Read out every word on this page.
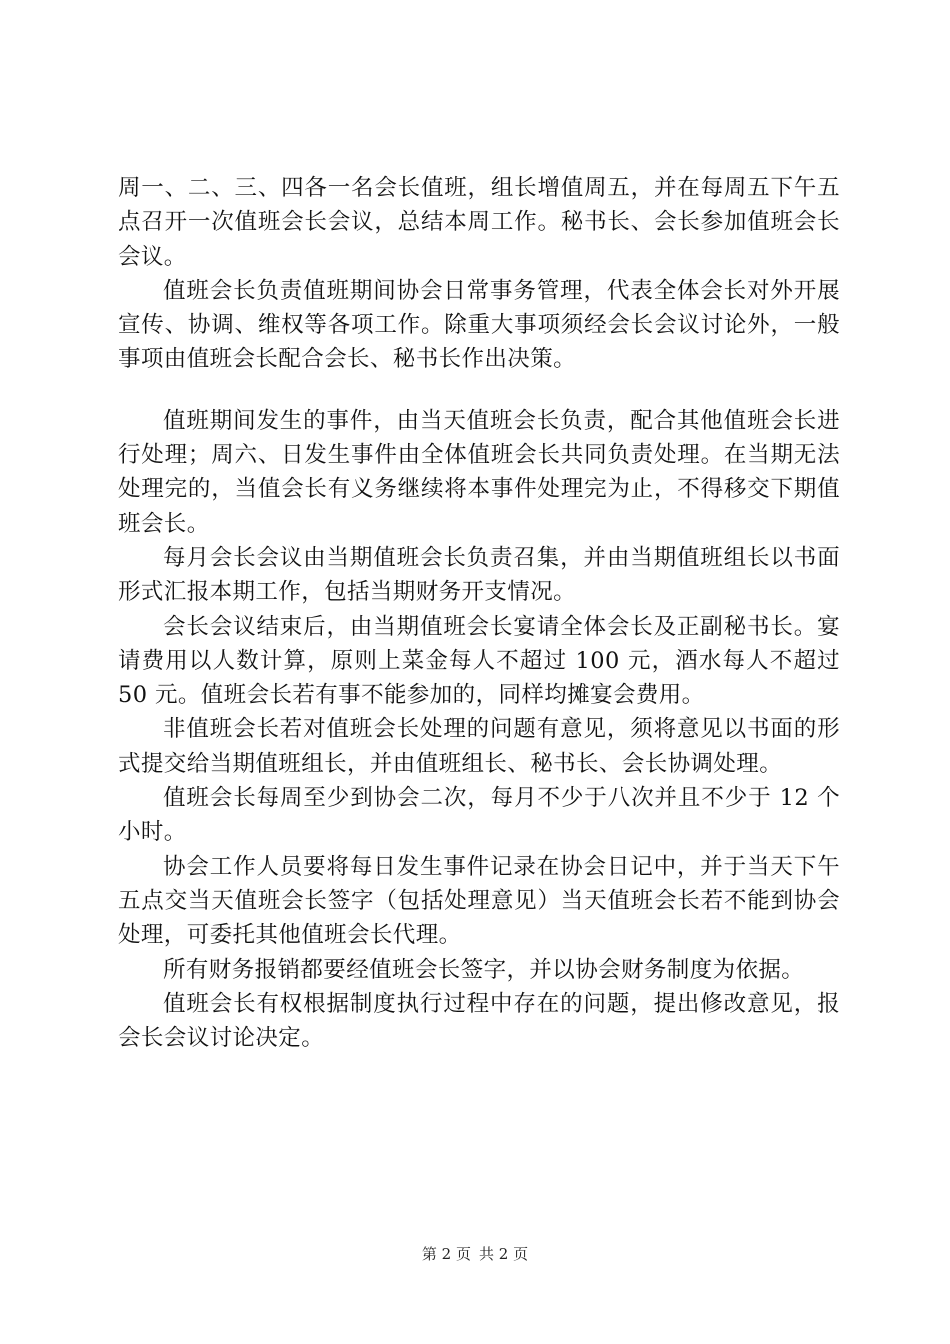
周一、二、三、四各一名会长值班，组长增值周五，并在每周五下午五点召开一次值班会长会议，总结本周工作。秘书长、会长参加值班会长会议。

值班会长负责值班期间协会日常事务管理，代表全体会长对外开展宣传、协调、维权等各项工作。除重大事项须经会长会议讨论外，一般事项由值班会长配合会长、秘书长作出决策。

值班期间发生的事件，由当天值班会长负责，配合其他值班会长进行处理；周六、日发生事件由全体值班会长共同负责处理。在当期无法处理完的，当值会长有义务继续将本事件处理完为止，不得移交下期值班会长。

每月会长会议由当期值班会长负责召集，并由当期值班组长以书面形式汇报本期工作，包括当期财务开支情况。

会长会议结束后，由当期值班会长宴请全体会长及正副秘书长。宴请费用以人数计算，原则上菜金每人不超过 100 元，酒水每人不超过 50 元。值班会长若有事不能参加的，同样均摊宴会费用。

非值班会长若对值班会长处理的问题有意见，须将意见以书面的形式提交给当期值班组长，并由值班组长、秘书长、会长协调处理。

值班会长每周至少到协会二次，每月不少于八次并且不少于 12 个小时。

协会工作人员要将每日发生事件记录在协会日记中，并于当天下午五点交当天值班会长签字（包括处理意见）当天值班会长若不能到协会处理，可委托其他值班会长代理。

所有财务报销都要经值班会长签字，并以协会财务制度为依据。

值班会长有权根据制度执行过程中存在的问题，提出修改意见，报会长会议讨论决定。

第 2 页 共 2 页
